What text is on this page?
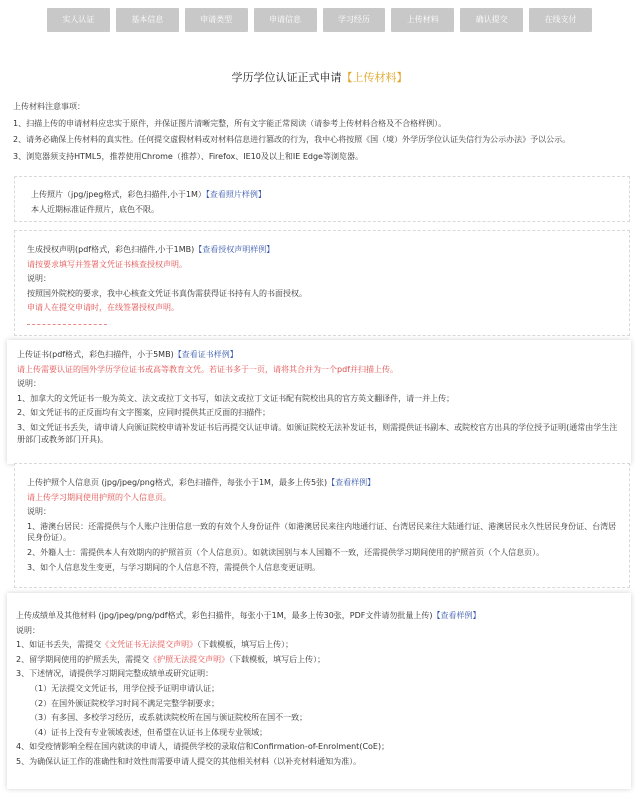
实人认证	基本信息	申请类型	申请信息	学习经历	上传材料	确认提交	在线支付
学历学位认证正式申请【上传材料】
上传材料注意事项：
1、扫描上传的申请材料应忠实于原件，并保证图片清晰完整，所有文字能正常阅读（请参考上传材料合格及不合格样例）。
2、请务必确保上传材料的真实性。任何提交虚假材料或对材料信息进行篡改的行为，我中心将按照《国（境）外学历学位认证失信行为公示办法》予以公示。
3、浏览器须支持HTML5，推荐使用Chrome（推荐）、Firefox、IE10及以上和IE Edge等浏览器。
上传照片（jpg/jpeg格式，彩色扫描件,小于1M）【查看照片样例】
本人近期标准证件照片，底色不限。
生成授权声明(pdf格式，彩色扫描件,小于1MB)【查看授权声明样例】
请按要求填写并签署文凭证书核查授权声明。
说明：
按照国外院校的要求，我中心核查文凭证书真伪需获得证书持有人的书面授权。
申请人在提交申请时，在线签署授权声明。
上传证书(pdf格式，彩色扫描件，小于5MB)【查看证书样例】
请上传需要认证的国外学历学位证书或高等教育文凭。若证书多于一页，请将其合并为一个pdf并扫描上传。
说明：
1、加拿大的文凭证书一般为英文、法文或拉丁文书写，如法文或拉丁文证书配有院校出具的官方英文翻译件，请一并上传；
2、如文凭证书的正反面均有文字图案，应同时提供其正反面的扫描件；
3、如文凭证书丢失，请申请人向颁证院校申请补发证书后再提交认证申请。如颁证院校无法补发证书，则需提供证书副本、或院校官方出具的学位授予证明(通常由学生注册部门或教务部门开具)。
上传护照个人信息页 (jpg/jpeg/png格式，彩色扫描件，每张小于1M，最多上传5张)【查看样例】
请上传学习期间使用护照的个人信息页。
说明：
1、港澳台居民：还需提供与个人账户注册信息一致的有效个人身份证件（如港澳居民来往内地通行证、台湾居民来往大陆通行证、港澳居民永久性居民身份证、台湾居民身份证）。
2、外籍人士：需提供本人有效期内的护照首页（个人信息页）。如就读国别与本人国籍不一致，还需提供学习期间使用的护照首页（个人信息页）。
3、如个人信息发生变更，与学习期间的个人信息不符，需提供个人信息变更证明。
上传成绩单及其他材料 (jpg/jpeg/png/pdf格式，彩色扫描件，每张小于1M，最多上传30张，PDF文件请勿批量上传)【查看样例】
说明：
1、如证书丢失，需提交《文凭证书无法提交声明》（下载模板，填写后上传）；
2、留学期间使用的护照丢失，需提交《护照无法提交声明》（下载模板，填写后上传）；
3、下述情况，请提供学习期间完整成绩单或研究证明：
（1）无法提交文凭证书，用学位授予证明申请认证；
（2）在国外颁证院校学习时间不满足完整学制要求；
（3）有多国、多校学习经历，或系就读院校所在国与颁证院校所在国不一致；
（4）证书上没有专业领域表述，但希望在认证书上体现专业领域；
4、如受疫情影响全程在国内就读的申请人，请提供学校的录取信和Confirmation-of-Enrolment(CoE)；
5、为确保认证工作的准确性和时效性而需要申请人提交的其他相关材料（以补充材料通知为准）。
